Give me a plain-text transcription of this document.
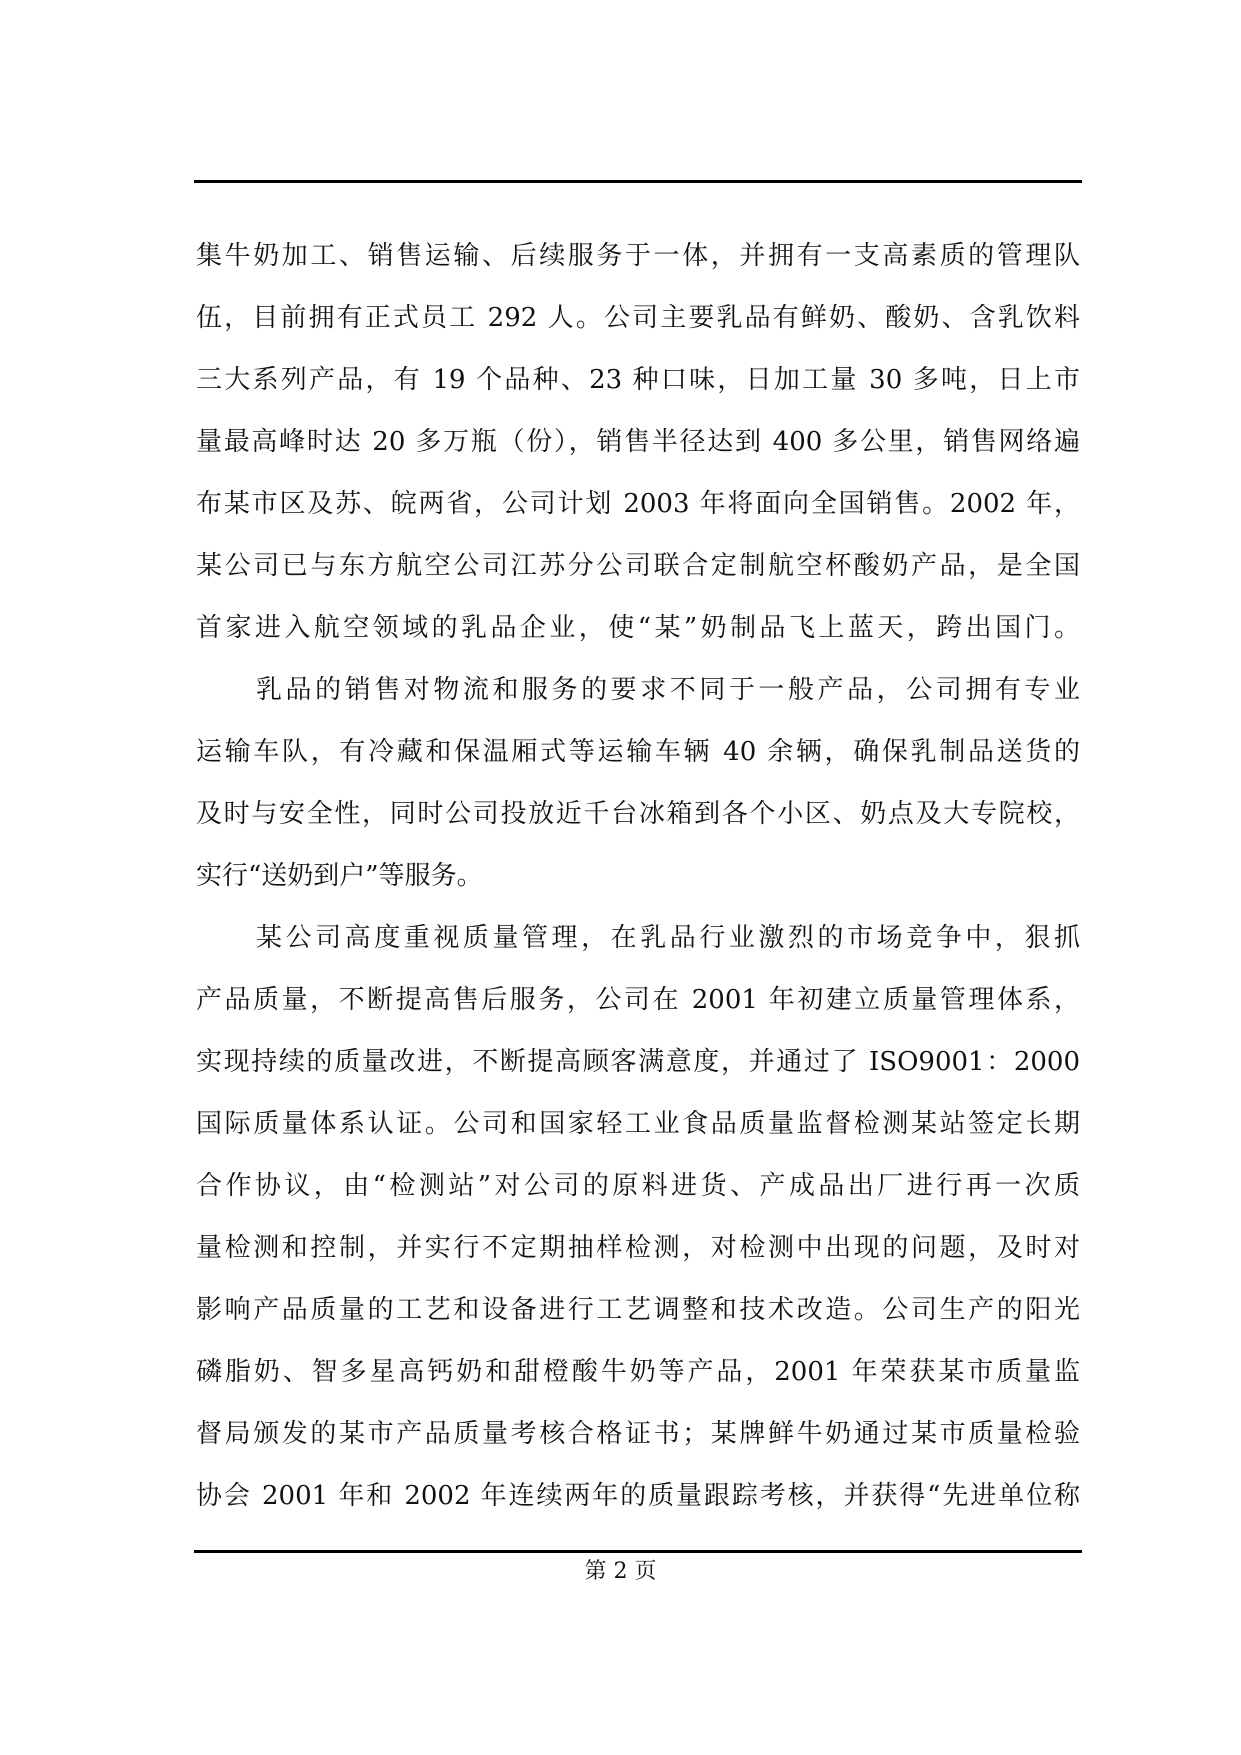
集牛奶加工、销售运输、后续服务于一体，并拥有一支高素质的管理队
伍，目前拥有正式员工 292 人。公司主要乳品有鲜奶、酸奶、含乳饮料
三大系列产品，有 19 个品种、23 种口味，日加工量 30 多吨，日上市
量最高峰时达 20 多万瓶（份），销售半径达到 400 多公里，销售网络遍
布某市区及苏、皖两省，公司计划 2003 年将面向全国销售。2002 年，
某公司已与东方航空公司江苏分公司联合定制航空杯酸奶产品，是全国
首家进入航空领域的乳品企业，使“某”奶制品飞上蓝天，跨出国门。
乳品的销售对物流和服务的要求不同于一般产品，公司拥有专业
运输车队，有冷藏和保温厢式等运输车辆 40 余辆，确保乳制品送货的
及时与安全性，同时公司投放近千台冰箱到各个小区、奶点及大专院校，
实行“送奶到户”等服务。
某公司高度重视质量管理，在乳品行业激烈的市场竞争中，狠抓
产品质量，不断提高售后服务，公司在 2001 年初建立质量管理体系，
实现持续的质量改进，不断提高顾客满意度，并通过了 ISO9001：2000
国际质量体系认证。公司和国家轻工业食品质量监督检测某站签定长期
合作协议，由“检测站”对公司的原料进货、产成品出厂进行再一次质
量检测和控制，并实行不定期抽样检测，对检测中出现的问题，及时对
影响产品质量的工艺和设备进行工艺调整和技术改造。公司生产的阳光
磷脂奶、智多星高钙奶和甜橙酸牛奶等产品，2001 年荣获某市质量监
督局颁发的某市产品质量考核合格证书；某牌鲜牛奶通过某市质量检验
协会 2001 年和 2002 年连续两年的质量跟踪考核，并获得“先进单位称
第 2 页
